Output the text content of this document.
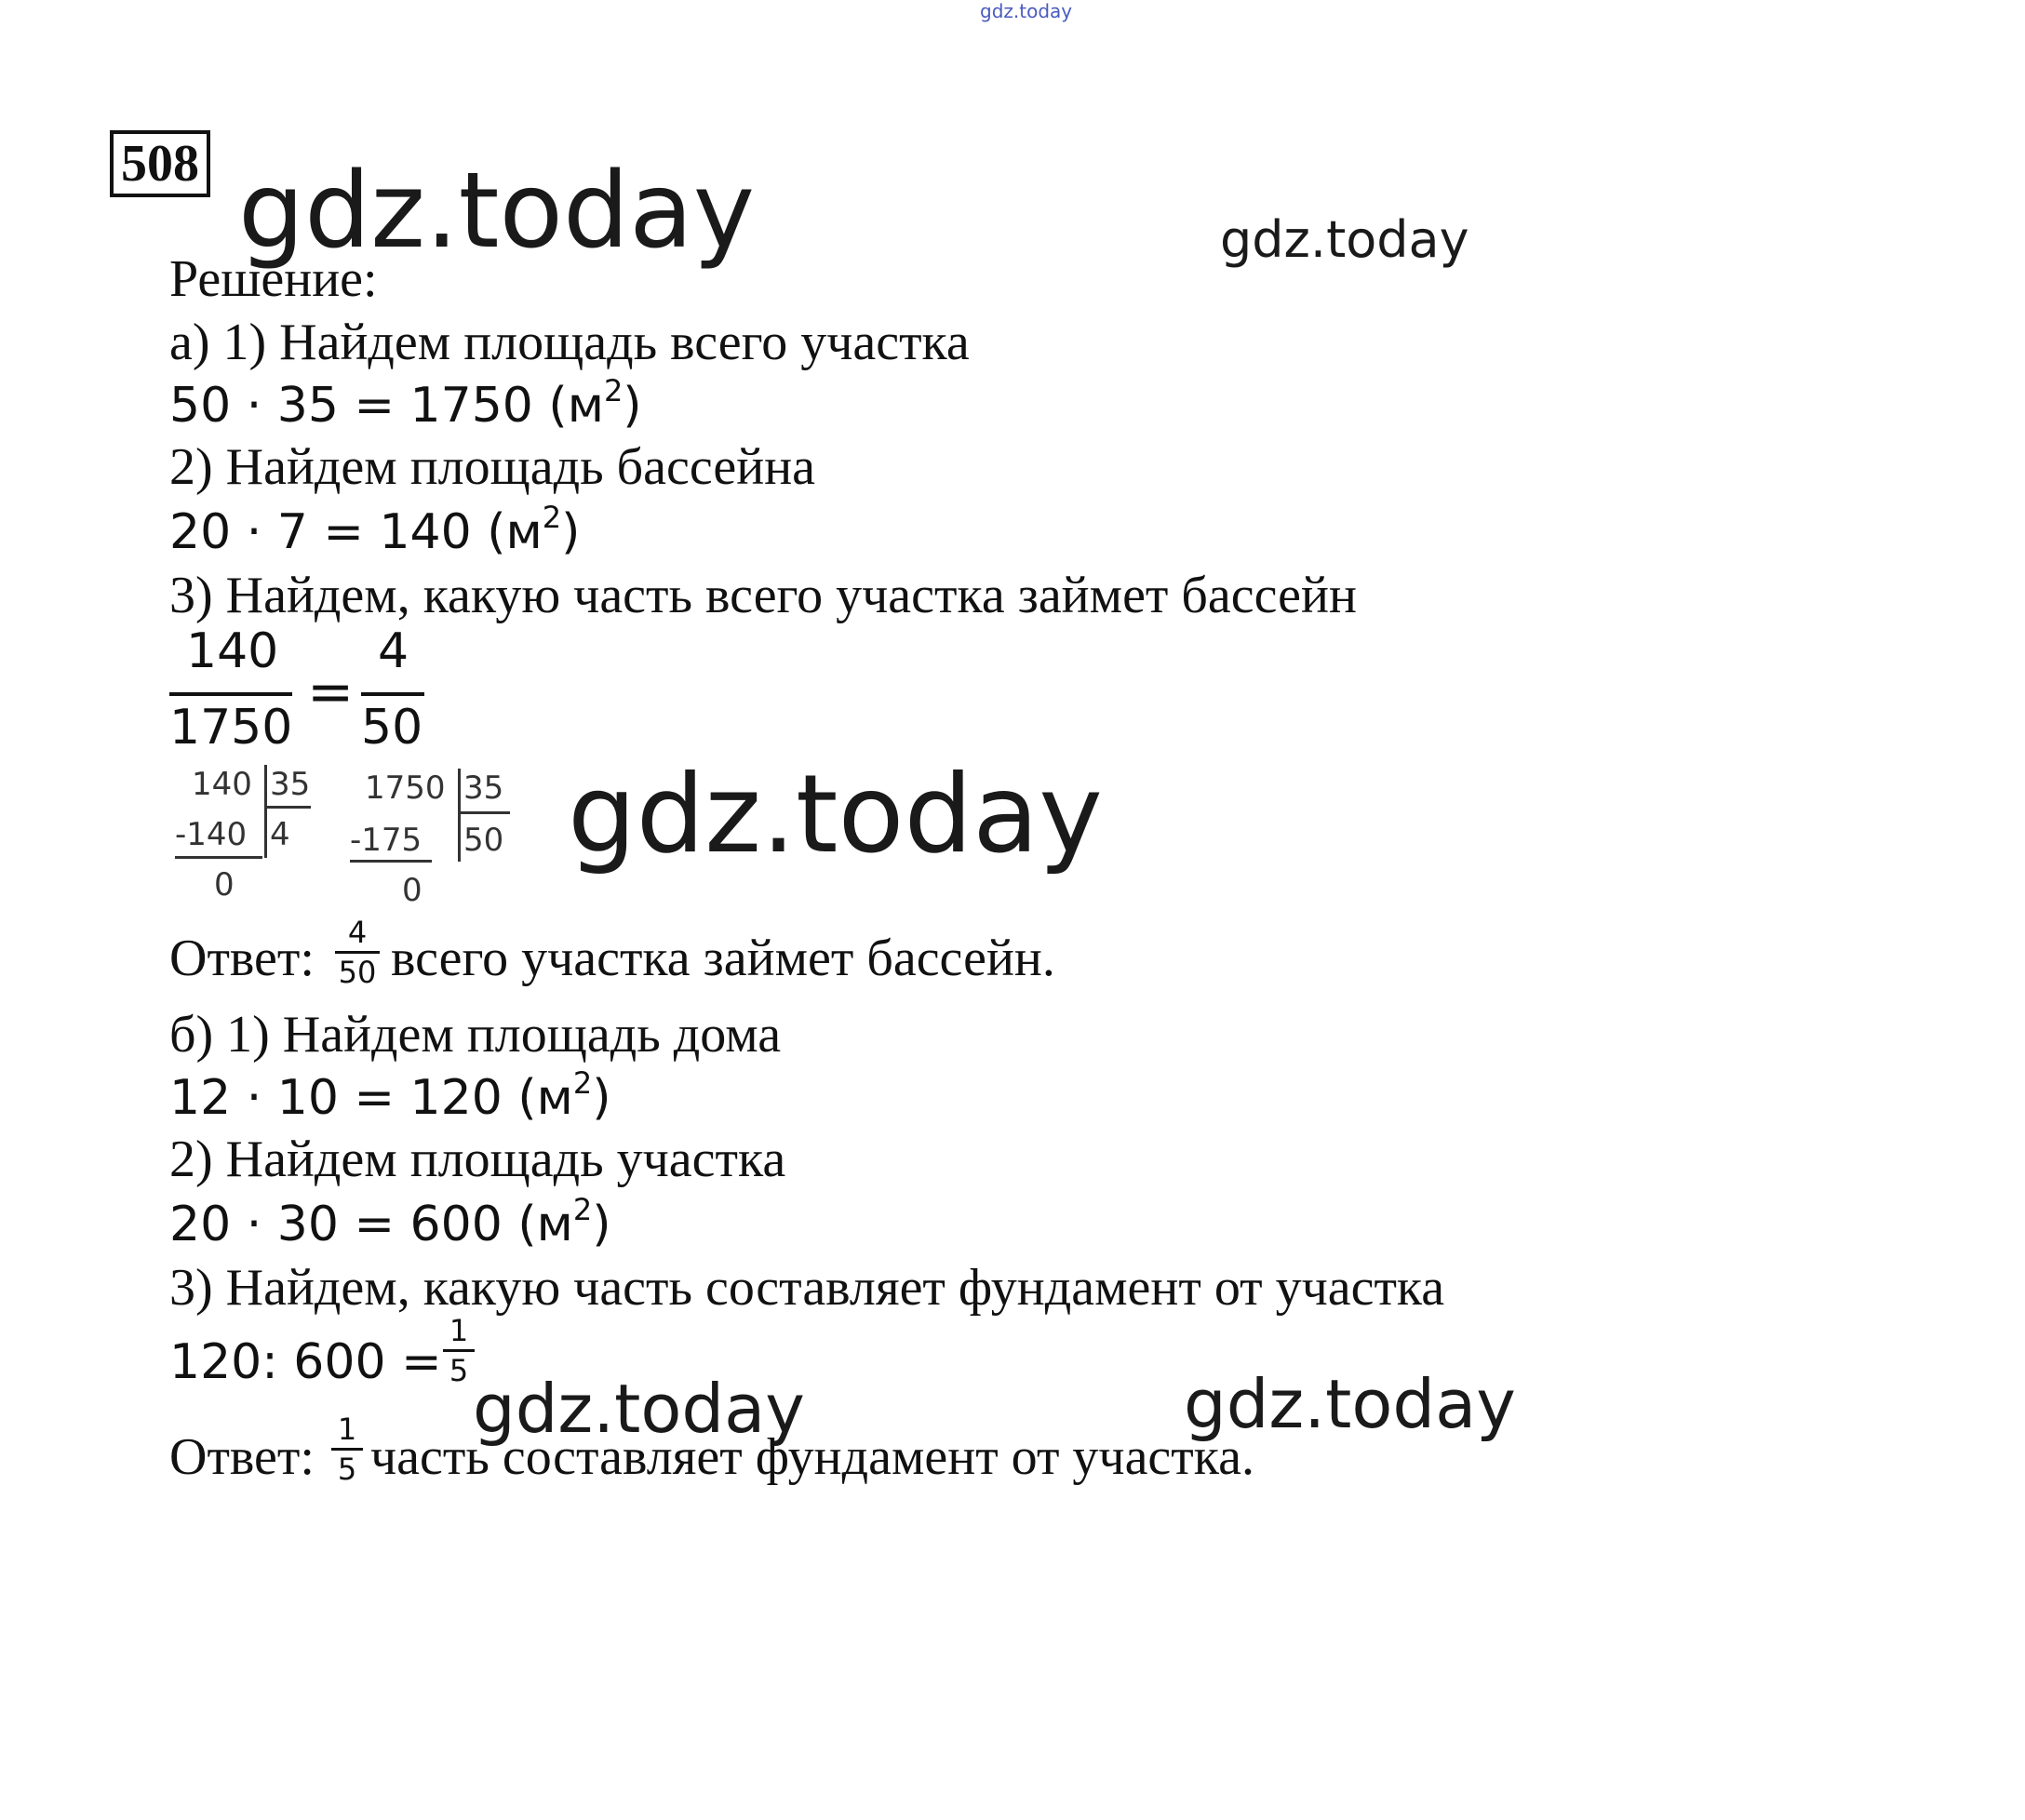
gdz.today
gdz.today	gdz.today
gdz.today
gdz.today	gdz.today
508
Решение:
а) 1) Найдем площадь всего участка
50 · 35 = 1750 $(м^2)$
2) Найдем площадь бассейна
20 · 7 = 140 $(м^2)$
3) Найдем, какую часть всего участка займет бассейн
140
1750
=
4
50
140 35
-140 4
0
1750 35
-175 50
0
Ответ:	4
50 всего участка займет бассейн.
б) 1) Найдем площадь дома
12 · 10 = 120 $(м^2)$
2) Найдем площадь участка
20 · 30 = 600 $(м^2)$
3) Найдем, какую часть составляет фундамент от участка
120: 600 =
1
5
Ответ: 1
5 часть составляет фундамент от участка.
